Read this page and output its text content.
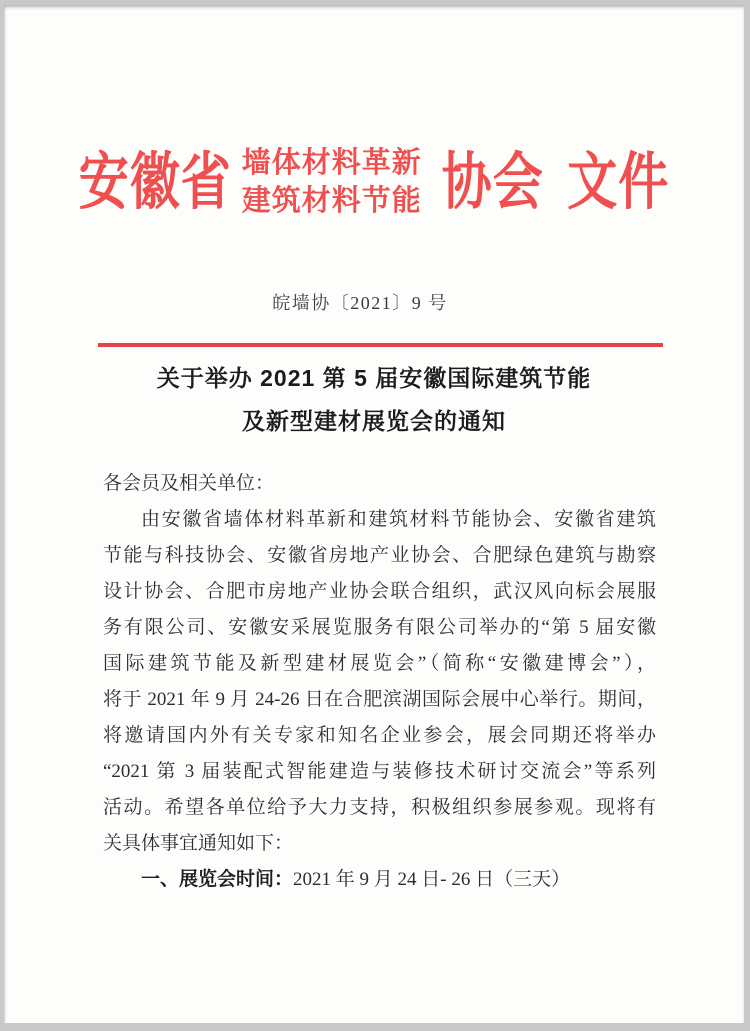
安徽省 墙体材料革新
建筑材料节能 协会 文件
皖墙协〔2021〕9 号
关于举办 2021 第 5 届安徽国际建筑节能
及新型建材展览会的通知
各会员及相关单位：
由安徽省墙体材料革新和建筑材料节能协会、安徽省建筑
节能与科技协会、安徽省房地产业协会、合肥绿色建筑与勘察
设计协会、合肥市房地产业协会联合组织，武汉风向标会展服
务有限公司、安徽安采展览服务有限公司举办的“第 5 届安徽
国际建筑节能及新型建材展览会”（简称“安徽建博会”），
将于 2021 年 9 月 24-26 日在合肥滨湖国际会展中心举行。期间，
将邀请国内外有关专家和知名企业参会，展会同期还将举办
“2021 第 3 届装配式智能建造与装修技术研讨交流会”等系列
活动。希望各单位给予大力支持，积极组织参展参观。现将有
关具体事宜通知如下：
一、展览会时间：2021 年 9 月 24 日- 26 日（三天）
